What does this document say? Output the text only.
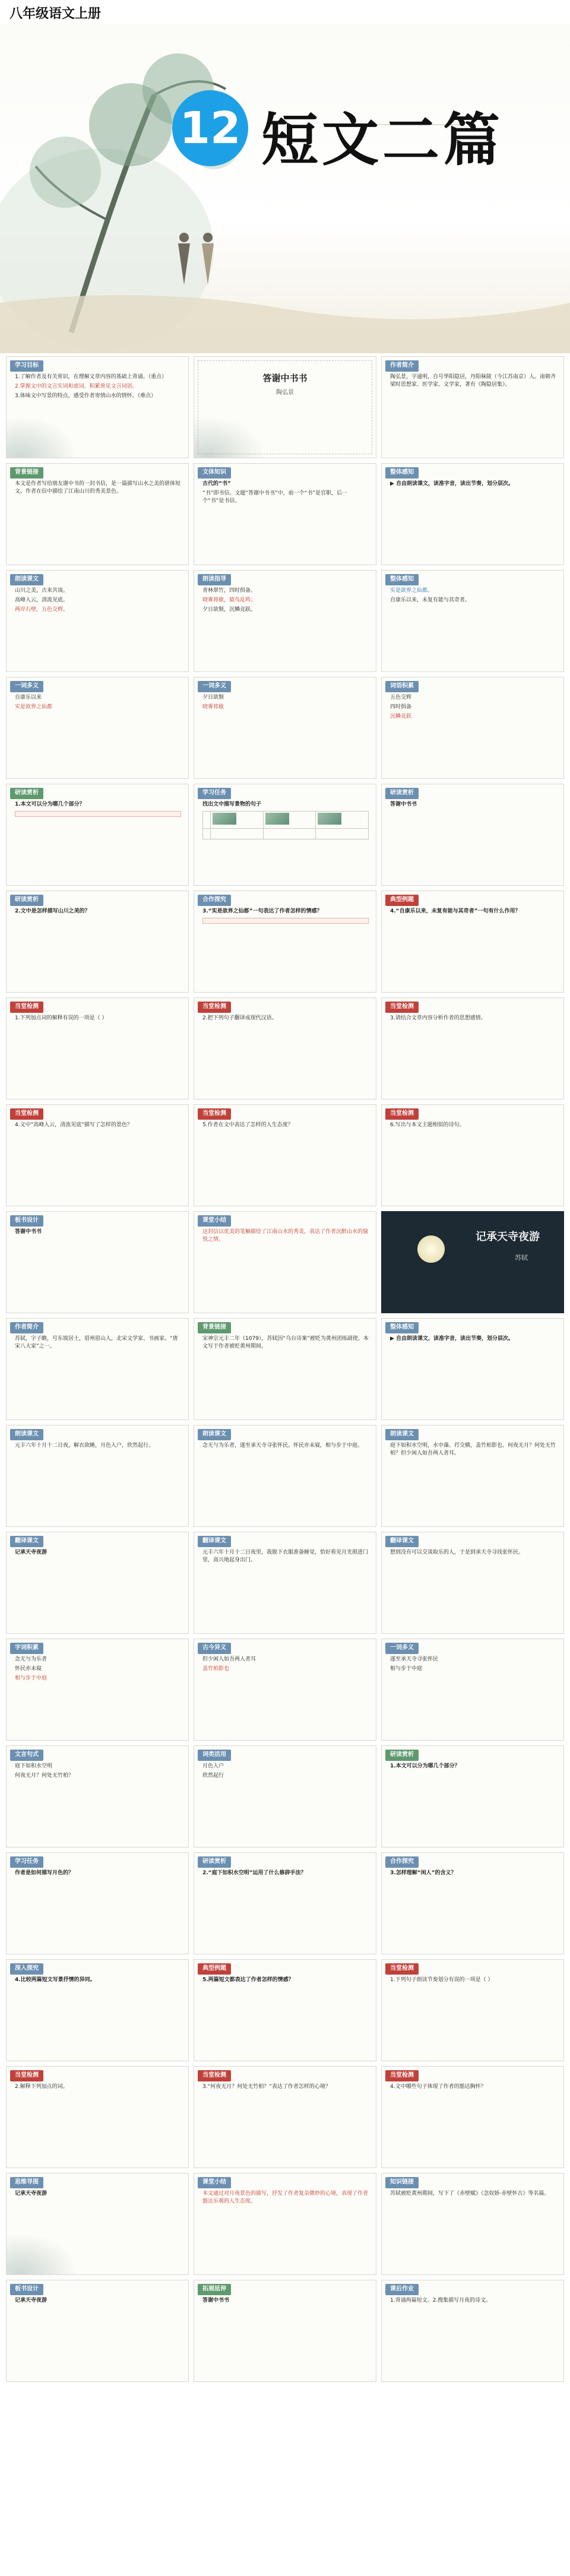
八年级语文上册
12 短文二篇
学习目标

1.了解作者及有关常识，在理解文章内容的基础上背诵。（重点）

2.掌握文中的文言实词和虚词，积累常见文言词语。

3.体味文中写景的特点，感受作者寄情山水的情怀。（难点）

答谢中书书
陶弘景
作者简介

陶弘景，字通明，自号华阳隐居，丹阳秣陵（今江苏南京）人。南朝齐梁时思想家、医学家、文学家，著有《陶隐居集》。

背景链接

本文是作者写给朋友谢中书的一封书信，是一篇描写山水之美的骈体短文。作者在信中描绘了江南山川的秀美景色。

文体知识

古代的“书”

“书”即书信。文题“答谢中书书”中，前一个“书”是官职，后一个“书”是书信。

整体感知

▶ 自由朗读课文，读准字音，读出节奏，划分层次。

朗读课文

山川之美，古来共谈。

高峰入云，清流见底。

两岸石壁，五色交辉。

朗读指导

青林翠竹，四时俱备。

晓雾将歇，猿鸟乱鸣；

夕日欲颓，沉鳞竞跃。

整体感知

实是欲界之仙都。

自康乐以来，未复有能与其奇者。

一词多义

自康乐以来

实是欲界之仙都

一词多义

夕日欲颓

晓雾将歇

词语积累

五色交辉

四时俱备

沉鳞竞跃

研读赏析

1.本文可以分为哪几个部分？

学习任务

找出文中描写景物的句子

研读赏析

答谢中书书

研读赏析

2.文中是怎样描写山川之美的？

合作探究

3.“实是欲界之仙都”一句表达了作者怎样的情感？

典型例题

4.“自康乐以来，未复有能与其奇者”一句有什么作用？

当堂检测

1.下列加点词的解释有误的一项是（ ）

当堂检测

2.把下列句子翻译成现代汉语。

当堂检测

3.请结合文章内容分析作者的思想感情。

当堂检测

4.文中“高峰入云，清流见底”描写了怎样的景色？

当堂检测

5.作者在文中表达了怎样的人生态度？

当堂检测

6.写出与本文主题相似的诗句。

板书设计

答谢中书书

课堂小结

这封信以优美的笔触描绘了江南山水的秀美，表达了作者沉醉山水的愉悦之情。	记承天寺夜游
苏轼
作者简介

苏轼，字子瞻，号东坡居士，眉州眉山人，北宋文学家、书画家。“唐宋八大家”之一。

背景链接

宋神宗元丰二年（1079），苏轼因“乌台诗案”被贬为黄州团练副使。本文写于作者被贬黄州期间。

整体感知

▶ 自由朗读课文，读准字音，读出节奏，划分层次。

朗读课文

元丰六年十月十二日夜，解衣欲睡，月色入户，欣然起行。

朗读课文

念无与为乐者，遂至承天寺寻张怀民。怀民亦未寝，相与步于中庭。

朗读课文

庭下如积水空明，水中藻、荇交横，盖竹柏影也。何夜无月？何处无竹柏？但少闲人如吾两人者耳。

翻译课文

记承天寺夜游

翻译课文

元丰六年十月十二日夜里，我脱下衣服准备睡觉，恰好看见月光照进门里，高兴地起身出门。

翻译课文

想到没有可以交谈取乐的人，于是到承天寺寻找张怀民。

字词积累

念无与为乐者

怀民亦未寝

相与步于中庭

古今异义

但少闲人如吾两人者耳

盖竹柏影也

一词多义

遂至承天寺寻张怀民

相与步于中庭

文言句式

庭下如积水空明

何夜无月？何处无竹柏？

词类活用

月色入户

欣然起行

研读赏析

1.本文可以分为哪几个部分？

学习任务

作者是如何描写月色的？

研读赏析

2.“庭下如积水空明”运用了什么修辞手法？

合作探究

3.怎样理解“闲人”的含义？

深入探究

4.比较两篇短文写景抒情的异同。

典型例题

5.两篇短文都表达了作者怎样的情感？

当堂检测

1.下列句子朗读节奏划分有误的一项是（ ）

当堂检测

2.解释下列加点的词。

当堂检测

3.“何夜无月？何处无竹柏？”表达了作者怎样的心境？

当堂检测

4.文中哪些句子体现了作者的豁达胸怀？

思维导图

记承天寺夜游

课堂小结

本文通过对月夜景色的描写，抒发了作者复杂微妙的心境，表现了作者豁达乐观的人生态度。

知识链接

苏轼被贬黄州期间，写下了《赤壁赋》《念奴娇·赤壁怀古》等名篇。

板书设计

记承天寺夜游

拓展延伸

答谢中书书

课后作业

1.背诵两篇短文。2.搜集描写月夜的诗文。
